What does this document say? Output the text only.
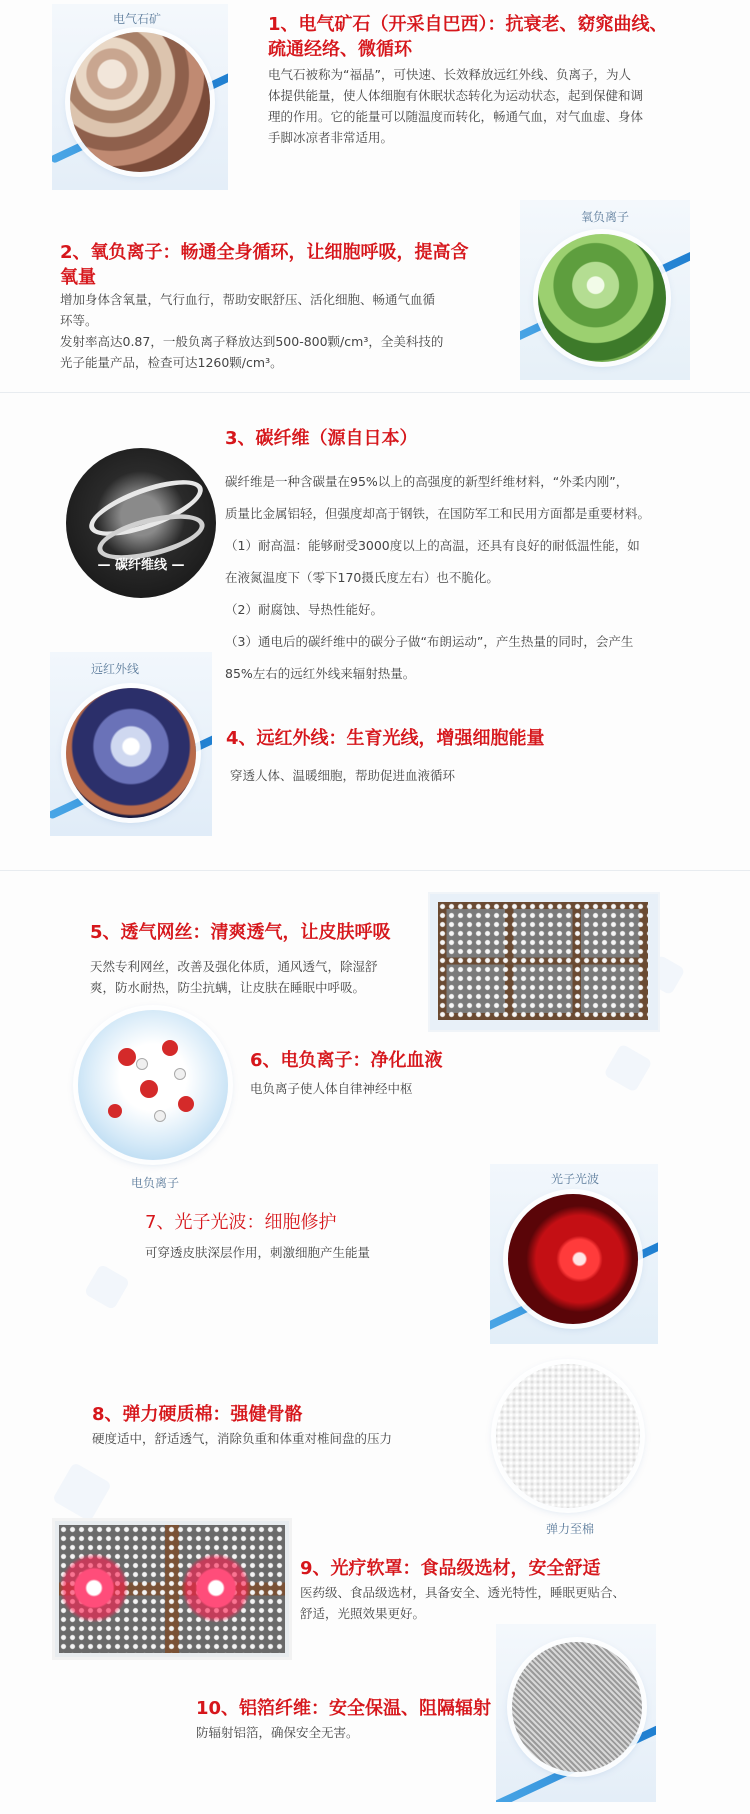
电气石矿	1、电气矿石（开采自巴西）：抗衰老、窈窕曲线、
疏通经络、微循环
电气石被称为“福晶”，可快速、长效释放远红外线、负离子，为人
体提供能量，使人体细胞有休眠状态转化为运动状态，起到保健和调
理的作用。它的能量可以随温度而转化，畅通气血，对气血虚、身体
手脚冰凉者非常适用。
氧负离子
2、氧负离子：畅通全身循环，让细胞呼吸，提高含
氧量
增加身体含氧量，气行血行，帮助安眠舒压、活化细胞、畅通气血循
环等。
发射率高达0.87，一般负离子释放达到500-800颗/cm³，全美科技的
光子能量产品，检查可达1260颗/cm³。
— 碳纤维线 —
3、碳纤维（源自日本）
碳纤维是一种含碳量在95%以上的高强度的新型纤维材料，“外柔内刚”，
质量比金属铝轻，但强度却高于钢铁，在国防军工和民用方面都是重要材料。
（1）耐高温：能够耐受3000度以上的高温，还具有良好的耐低温性能，如
在液氮温度下（零下170摄氏度左右）也不脆化。
（2）耐腐蚀、导热性能好。
（3）通电后的碳纤维中的碳分子做“布朗运动”，产生热量的同时，会产生
85%左右的远红外线来辐射热量。
远红外线
4、远红外线：生育光线，增强细胞能量
穿透人体、温暖细胞，帮助促进血液循环
5、透气网丝：清爽透气，让皮肤呼吸
天然专利网丝，改善及强化体质，通风透气，除湿舒
爽，防水耐热，防尘抗螨，让皮肤在睡眠中呼吸。
电负离子
6、电负离子：净化血液
电负离子使人体自律神经中枢
7、光子光波：细胞修护
可穿透皮肤深层作用，刺激细胞产生能量
光子光波
8、弹力硬质棉：强健骨骼
硬度适中，舒适透气，消除负重和体重对椎间盘的压力
弹力至棉
9、光疗软罩：食品级选材，安全舒适
医药级、食品级选材，具备安全、透光特性，睡眠更贴合、
舒适，光照效果更好。
10、铝箔纤维：安全保温、阻隔辐射
防辐射铝箔，确保安全无害。
